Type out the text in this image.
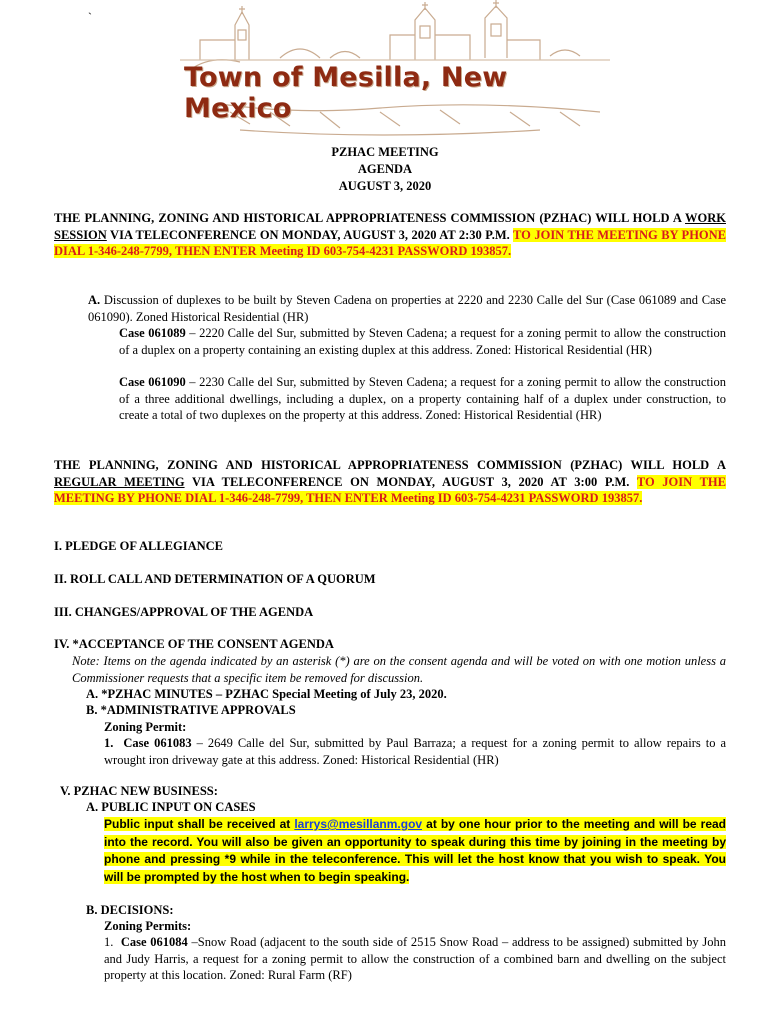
`
Town of Mesilla, New Mexico
PZHAC MEETING
AGENDA
AUGUST 3, 2020
THE PLANNING, ZONING AND HISTORICAL APPROPRIATENESS COMMISSION (PZHAC) WILL HOLD A WORK SESSION VIA TELECONFERENCE ON MONDAY, AUGUST 3, 2020 AT 2:30 P.M. TO JOIN THE MEETING BY PHONE DIAL 1-346-248-7799, THEN ENTER Meeting ID 603-754-4231 PASSWORD 193857.
A. Discussion of duplexes to be built by Steven Cadena on properties at 2220 and 2230 Calle del Sur (Case 061089 and Case 061090). Zoned Historical Residential (HR)
Case 061089 – 2220 Calle del Sur, submitted by Steven Cadena; a request for a zoning permit to allow the construction of a duplex on a property containing an existing duplex at this address. Zoned: Historical Residential (HR)
Case 061090 – 2230 Calle del Sur, submitted by Steven Cadena; a request for a zoning permit to allow the construction of a three additional dwellings, including a duplex, on a property containing half of a duplex under construction, to create a total of two duplexes on the property at this address. Zoned: Historical Residential (HR)
THE PLANNING, ZONING AND HISTORICAL APPROPRIATENESS COMMISSION (PZHAC) WILL HOLD A REGULAR MEETING VIA TELECONFERENCE ON MONDAY, AUGUST 3, 2020 AT 3:00 P.M. TO JOIN THE MEETING BY PHONE DIAL 1-346-248-7799, THEN ENTER Meeting ID 603-754-4231 PASSWORD 193857.
I. PLEDGE OF ALLEGIANCE
II. ROLL CALL AND DETERMINATION OF A QUORUM
III. CHANGES/APPROVAL OF THE AGENDA
IV. *ACCEPTANCE OF THE CONSENT AGENDA
Note: Items on the agenda indicated by an asterisk (*) are on the consent agenda and will be voted on with one motion unless a Commissioner requests that a specific item be removed for discussion.
A. *PZHAC MINUTES – PZHAC Special Meeting of July 23, 2020.
B. *ADMINISTRATIVE APPROVALS
Zoning Permit:
1. Case 061083 – 2649 Calle del Sur, submitted by Paul Barraza; a request for a zoning permit to allow repairs to a wrought iron driveway gate at this address. Zoned: Historical Residential (HR)
V. PZHAC NEW BUSINESS:
A. PUBLIC INPUT ON CASES
Public input shall be received at larrys@mesillanm.gov at by one hour prior to the meeting and will be read into the record. You will also be given an opportunity to speak during this time by joining in the meeting by phone and pressing *9 while in the teleconference. This will let the host know that you wish to speak. You will be prompted by the host when to begin speaking.
B. DECISIONS:
Zoning Permits:
1. Case 061084 –Snow Road (adjacent to the south side of 2515 Snow Road – address to be assigned) submitted by John and Judy Harris, a request for a zoning permit to allow the construction of a combined barn and dwelling on the subject property at this location. Zoned: Rural Farm (RF)
